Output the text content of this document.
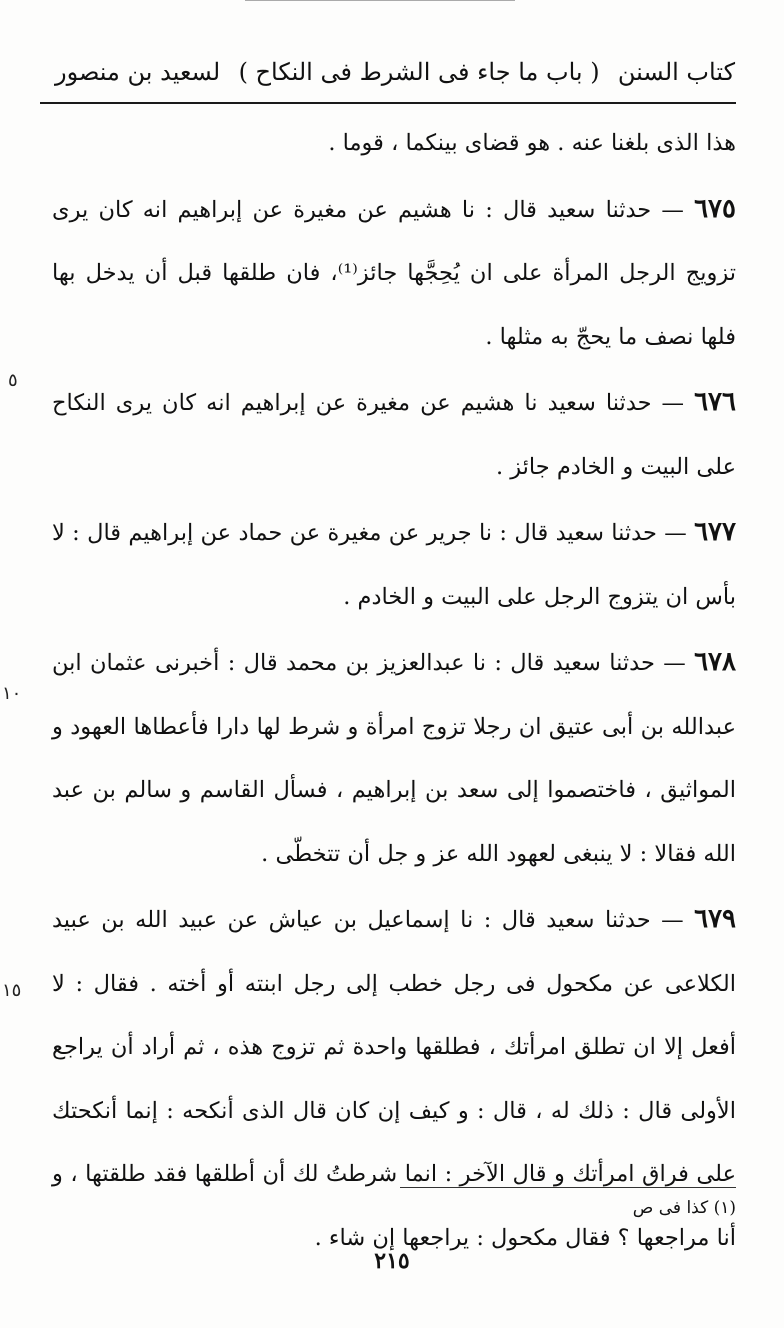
كتاب السنن
( باب ما جاء فى الشرط فى النكاح )
لسعيد بن منصور

هذا الذى بلغنا عنه . هو قضاى بينكما ، قوما .

٦٧٥ — حدثنا سعيد قال : نا هشيم عن مغيرة عن إبراهيم انه كان يرى تزويج الرجل المرأة على ان يُحِجَّها جائز⁽¹⁾، فان طلقها قبل أن يدخل بها فلها نصف ما يحجّ به مثلها .

٦٧٦ — حدثنا سعيد نا هشيم عن مغيرة عن إبراهيم انه كان يرى النكاح على البيت و الخادم جائز .

٦٧٧ — حدثنا سعيد قال : نا جرير عن مغيرة عن حماد عن إبراهيم قال : لا بأس ان يتزوج الرجل على البيت و الخادم .

٦٧٨ — حدثنا سعيد قال : نا عبدالعزيز بن محمد قال : أخبرنى عثمان ابن عبدالله بن أبى عتيق ان رجلا تزوج امرأة و شرط لها دارا فأعطاها العهود و المواثيق ، فاختصموا إلى سعد بن إبراهيم ، فسأل القاسم و سالم بن عبد الله فقالا : لا ينبغى لعهود الله عز و جل أن تتخطّى .

٦٧٩ — حدثنا سعيد قال : نا إسماعيل بن عياش عن عبيد الله بن عبيد الكلاعى عن مكحول فى رجل خطب إلى رجل ابنته أو أخته . فقال : لا أفعل إلا ان تطلق امرأتك ، فطلقها واحدة ثم تزوج هذه ، ثم أراد أن يراجع الأولى قال : ذلك له ، قال : و كيف إن كان قال الذى أنكحه : إنما أنكحتك على فراق امرأتك و قال الآخر : انما شرطتُ لك أن أطلقها فقد طلقتها ، و أنا مراجعها ؟ فقال مكحول : يراجعها إن شاء .

٥
١٠
١٥
(١) كذا فى ص
٢١٥
